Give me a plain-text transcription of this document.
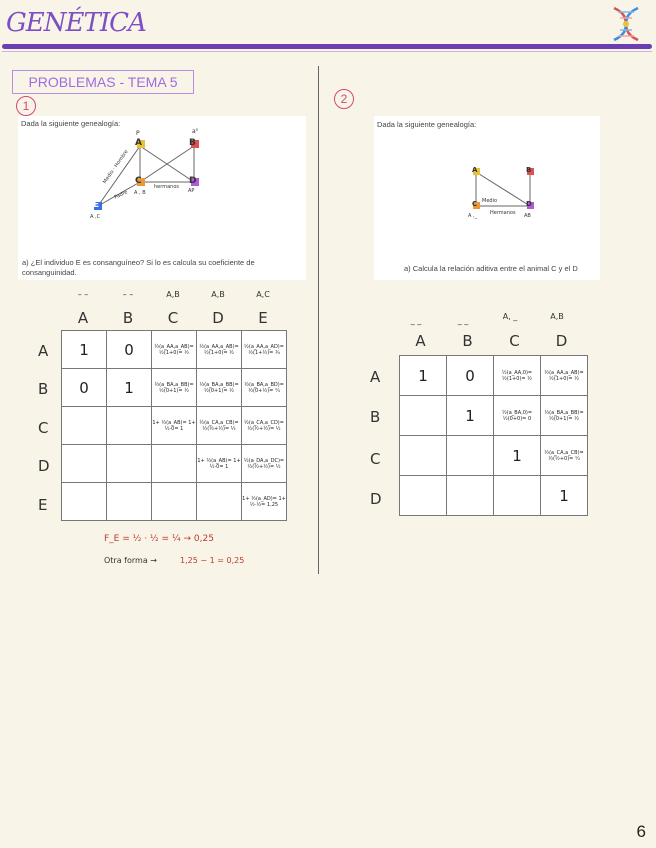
GENÉTICA
PROBLEMAS - TEMA 5
1
Dada la siguiente genealogía:
P	a⁰
A	B
C	D
E
A ,C
A , B	AP
Medio · Hombre
Padre
hermanos
a) ¿El individuo E es consanguíneo? Si lo es calcula su coeficiente de consanguinidad.
– –	– –	A,B	A,B	A,C
A	B	C	D	E
A
B
C
D
E
1	0	½(a_AA,a_AB)= ½(1+0)= ½	½(a_AA,a_AB)= ½(1+0)= ½	½(a_AA,a_AD)= ½(1+½)= ¾
0	1	½(a_BA,a_BB)= ½(0+1)= ½	½(a_BA,a_BB)= ½(0+1)= ½	½(a_BA,a_BD)= ½(0+½)= ¼
		1+ ½(a_AB)= 1+ ½·0= 1	½(a_CA,a_CB)= ½(½+½)= ½	½(a_CA,a_CD)= ½(½+½)= ½
			1+ ½(a_AB)= 1+ ½·0= 1	½(a_DA,a_DC)= ½(½+½)= ½
				1+ ½(a_AD)= 1+ ½·½= 1,25
F_E = ½ · ½ = ¼ → 0,25
Otra forma →	1,25 − 1 = 0,25
2
Dada la siguiente genealogía:
A	B
C	D
A ,_	AB
Medio
Hermanos
a) Calcula la relación aditiva entre el animal C y el D
_ _	_ _	A, _	A,B
A	B	C	D
A
B
C
D
1	0	½(a_AA,0)= ½(1+0)= ½	½(a_AA,a_AB)= ½(1+0)= ½
	1	½(a_BA,0)= ½(0+0)= 0	½(a_BA,a_BB)= ½(0+1)= ½
		1	½(a_CA,a_CB)= ½(½+0)= ¼
			1
6
